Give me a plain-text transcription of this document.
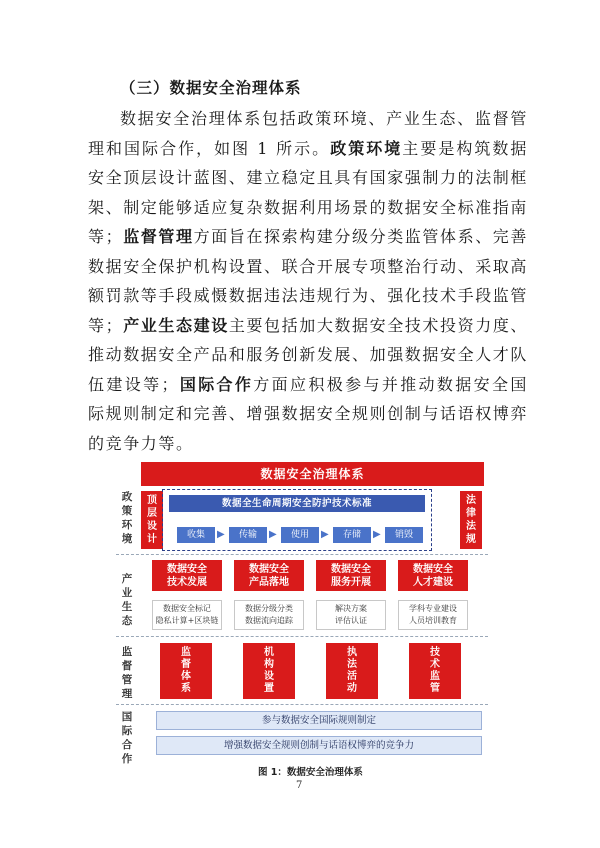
（三）数据安全治理体系
数据安全治理体系包括政策环境、产业生态、监督管理和国际合作，如图 1 所示。政策环境主要是构筑数据安全顶层设计蓝图、建立稳定且具有国家强制力的法制框架、制定能够适应复杂数据利用场景的数据安全标准指南等；监督管理方面旨在探索构建分级分类监管体系、完善数据安全保护机构设置、联合开展专项整治行动、采取高额罚款等手段威慑数据违法违规行为、强化技术手段监管等；产业生态建设主要包括加大数据安全技术投资力度、推动数据安全产品和服务创新发展、加强数据安全人才队伍建设等；国际合作方面应积极参与并推动数据安全国际规则制定和完善、增强数据安全规则创制与话语权博弈的竞争力等。
数据安全治理体系
政策环境
产业生态
监督管理
国际合作
顶层设计
法律法规
数据全生命周期安全防护技术标准
收集	▶	传输	▶	使用	▶	存储	▶	销毁
数据安全
技术发展
数据安全
产品落地
数据安全
服务开展
数据安全
人才建设
数据安全标记
隐私计算+区块链
数据分级分类
数据流向追踪
解决方案
评估认证
学科专业建设
人员培训教育
监督体系
机构设置
执法活动
技术监管
参与数据安全国际规则制定
增强数据安全规则创制与话语权博弈的竞争力
图 1：数据安全治理体系
7
